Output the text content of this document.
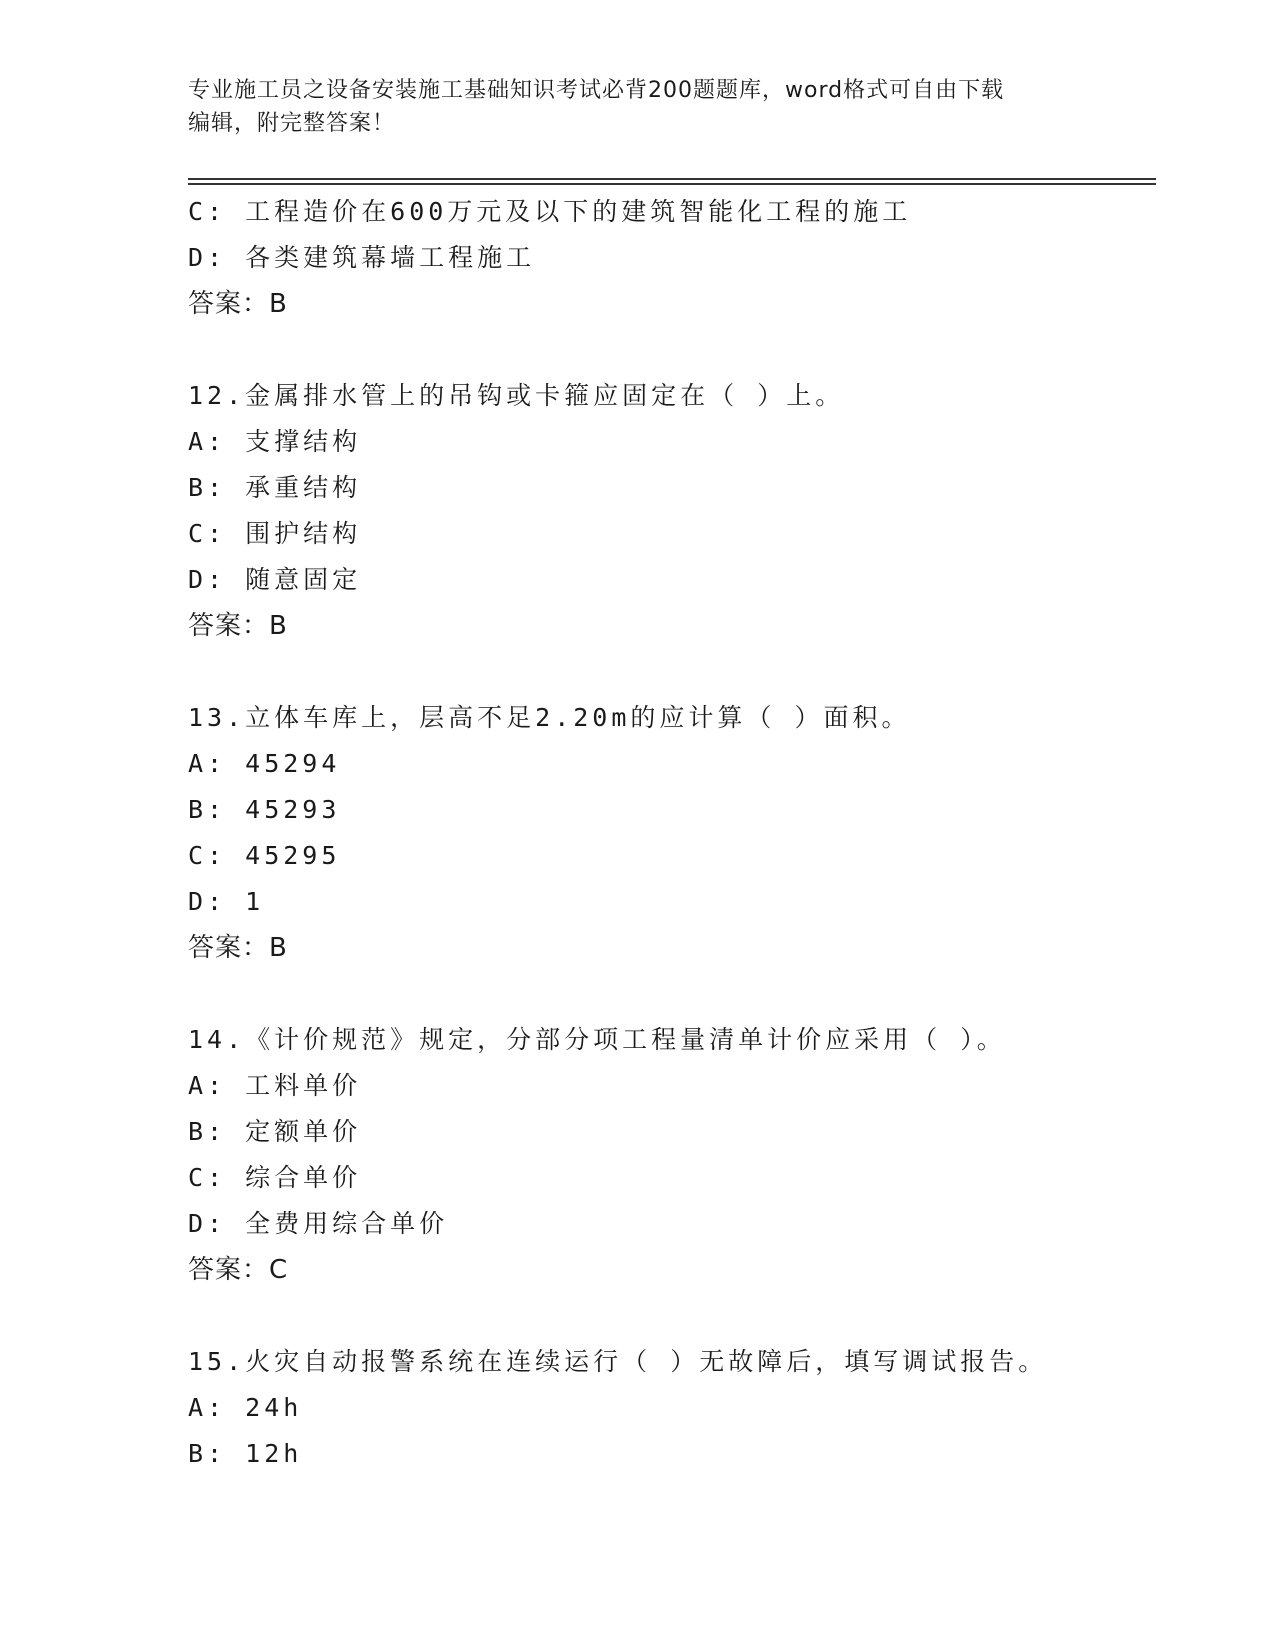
专业施工员之设备安装施工基础知识考试必背200题题库，word格式可自由下载
编辑，附完整答案！
C: 工程造价在600万元及以下的建筑智能化工程的施工
D: 各类建筑幕墙工程施工
答案：B
12.金属排水管上的吊钩或卡箍应固定在（ ）上。
A: 支撑结构
B: 承重结构
C: 围护结构
D: 随意固定
答案：B
13.立体车库上，层高不足2.20m的应计算（ ）面积。
A: 45294
B: 45293
C: 45295
D: 1
答案：B
14.《计价规范》规定，分部分项工程量清单计价应采用（ ）。
A: 工料单价
B: 定额单价
C: 综合单价
D: 全费用综合单价
答案：C
15.火灾自动报警系统在连续运行（ ）无故障后，填写调试报告。
A: 24h
B: 12h
